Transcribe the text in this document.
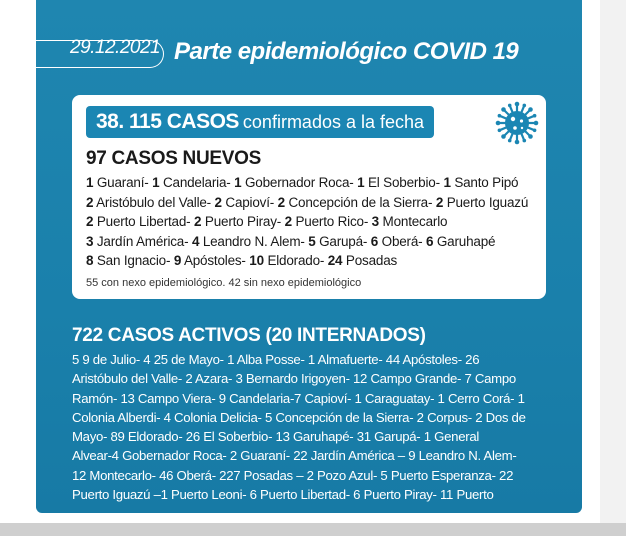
29.12.2021 Parte epidemiológico COVID 19
38. 115 CASOS confirmados a la fecha
97 CASOS NUEVOS
1 Guaraní- 1 Candelaria- 1 Gobernador Roca- 1 El Soberbio- 1 Santo Pipó
2 Aristóbulo del Valle- 2 Capioví- 2 Concepción de la Sierra- 2 Puerto Iguazú
2 Puerto Libertad- 2 Puerto Piray- 2 Puerto Rico- 3 Montecarlo
3 Jardín América- 4 Leandro N. Alem- 5 Garupá- 6 Oberá- 6 Garuhapé
8 San Ignacio- 9 Apóstoles- 10 Eldorado- 24 Posadas
55 con nexo epidemiológico. 42 sin nexo epidemiológico
722 CASOS ACTIVOS (20 INTERNADOS)
5 9 de Julio- 4 25 de Mayo- 1 Alba Posse- 1 Almafuerte- 44 Apóstoles- 26
Aristóbulo del Valle- 2 Azara- 3 Bernardo Irigoyen- 12 Campo Grande- 7 Campo
Ramón- 13 Campo Viera- 9 Candelaria-7 Capioví- 1 Caraguatay- 1 Cerro Corá- 1
Colonia Alberdi- 4 Colonia Delicia- 5 Concepción de la Sierra- 2 Corpus- 2 Dos de
Mayo- 89 Eldorado- 26 El Soberbio- 13 Garuhapé- 31 Garupá- 1 General
Alvear-4 Gobernador Roca- 2 Guaraní- 22 Jardín América – 9 Leandro N. Alem-
12 Montecarlo- 46 Oberá- 227 Posadas – 2 Pozo Azul- 5 Puerto Esperanza- 22
Puerto Iguazú –1 Puerto Leoni- 6 Puerto Libertad- 6 Puerto Piray- 11 Puerto
